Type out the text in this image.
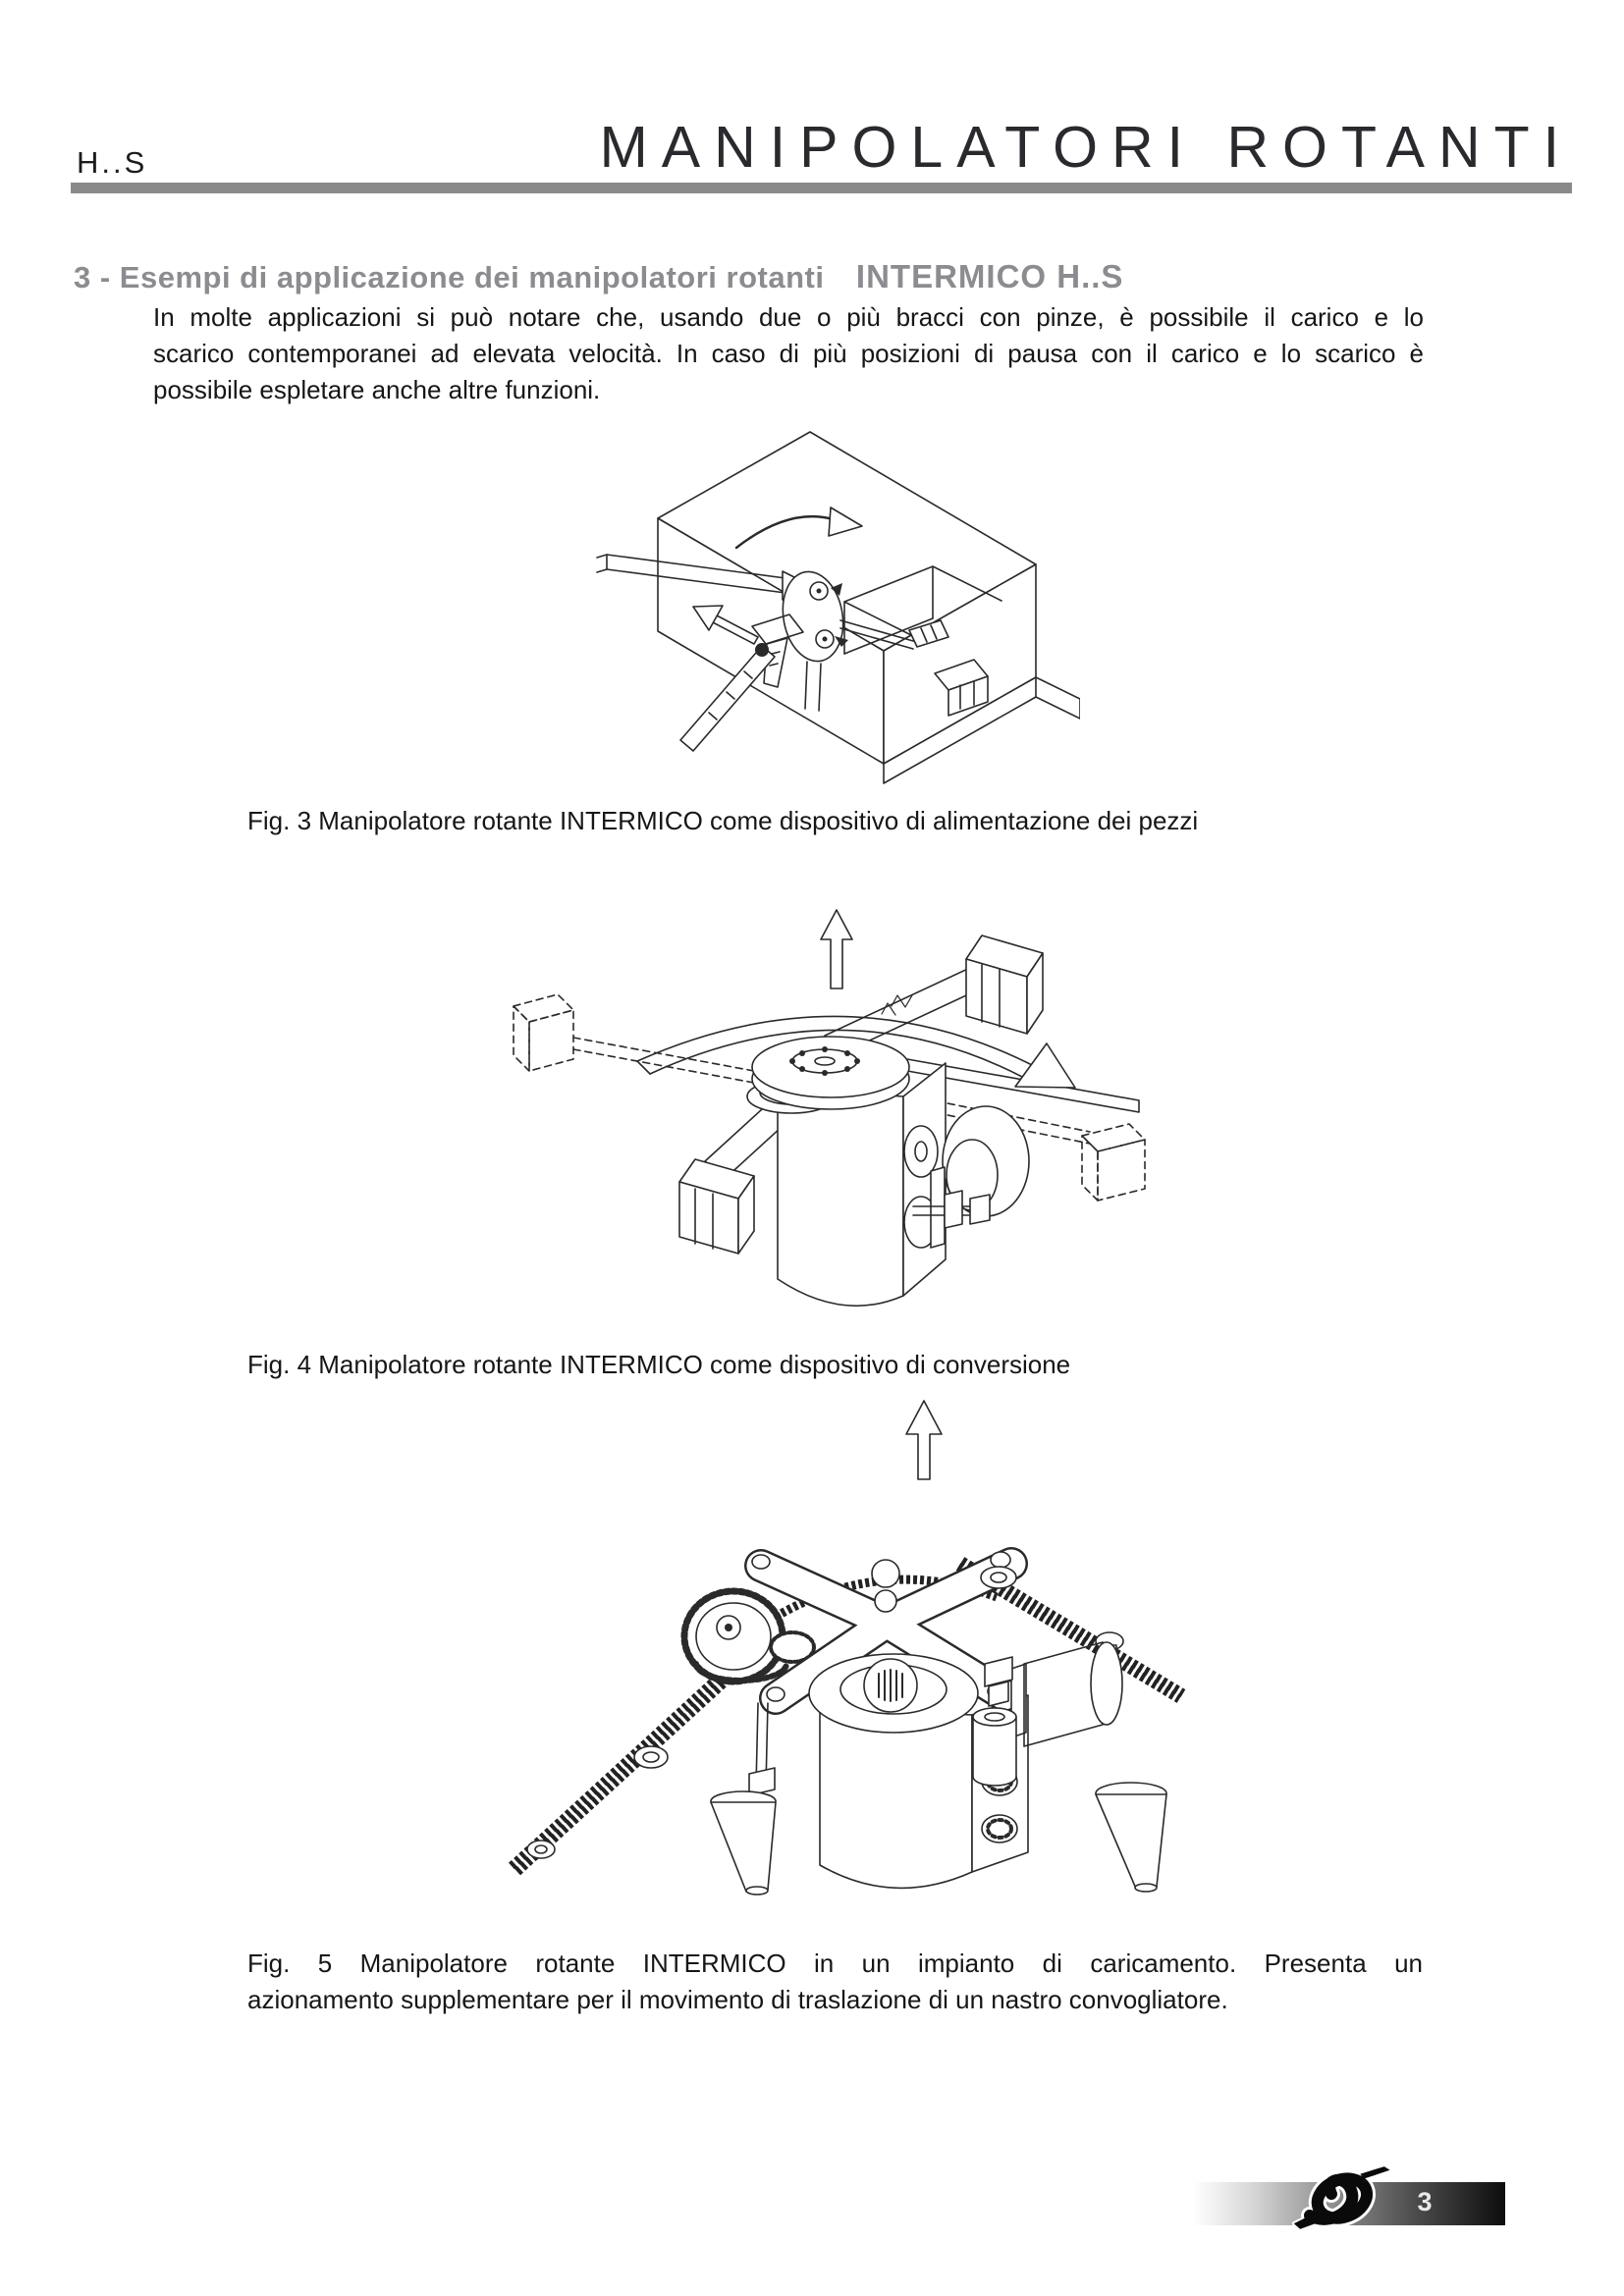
H..S	MANIPOLATORI ROTANTI
3 - Esempi di applicazione dei manipolatori rotanti INTERMICO H..S
In molte applicazioni si può notare che, usando due o più bracci con pinze, è possibile il carico e lo
scarico contemporanei ad elevata velocità. In caso di più posizioni di pausa con il carico e lo scarico è
possibile espletare anche altre funzioni.
Fig. 3 Manipolatore rotante INTERMICO come dispositivo di alimentazione dei pezzi
Fig. 4 Manipolatore rotante INTERMICO come dispositivo di conversione
Fig. 5 Manipolatore rotante INTERMICO in un impianto di caricamento. Presenta un
azionamento supplementare per il movimento di traslazione di un nastro convogliatore.
3
